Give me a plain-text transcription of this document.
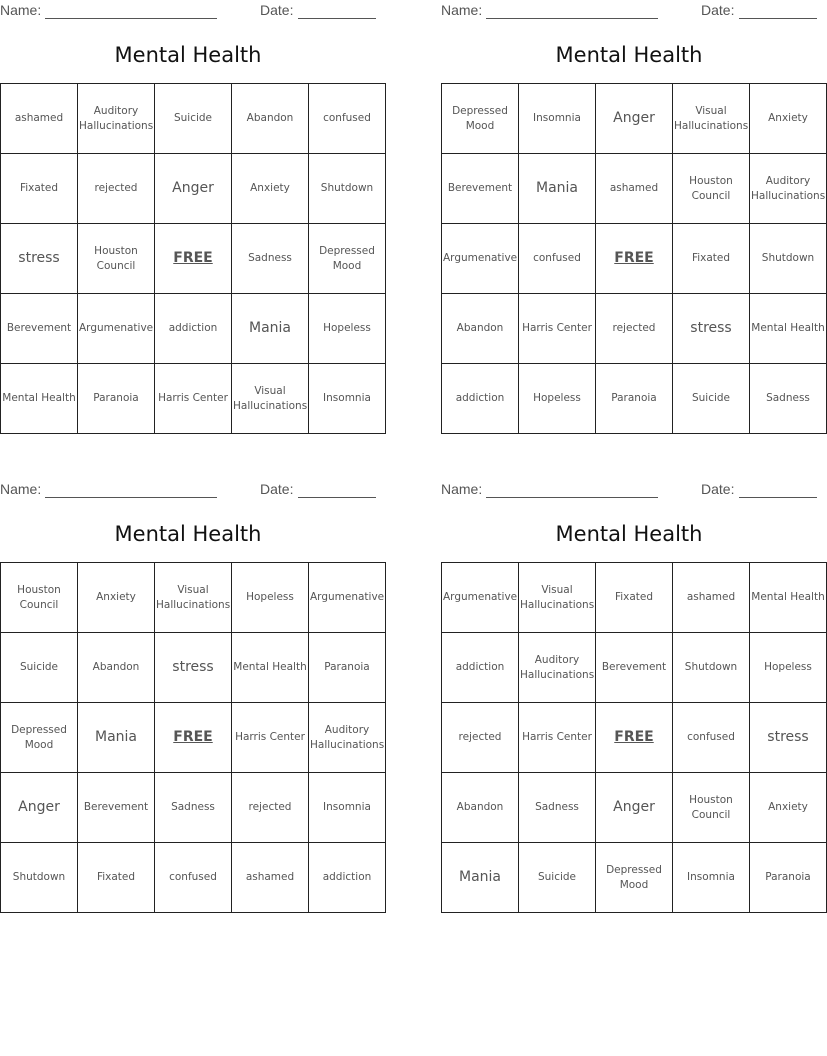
Name:	Date:
Mental Health
ashamed	Auditory Hallucinations	Suicide	Abandon	confused
Fixated	rejected	Anger	Anxiety	Shutdown
stress	Houston Council	FREE	Sadness	Depressed Mood
Berevement	Argumenative	addiction	Mania	Hopeless
Mental Health	Paranoia	Harris Center	Visual Hallucinations	Insomnia
Name:	Date:
Mental Health
Depressed Mood	Insomnia	Anger	Visual Hallucinations	Anxiety
Berevement	Mania	ashamed	Houston Council	Auditory Hallucinations
Argumenative	confused	FREE	Fixated	Shutdown
Abandon	Harris Center	rejected	stress	Mental Health
addiction	Hopeless	Paranoia	Suicide	Sadness
Name:	Date:
Mental Health
Houston Council	Anxiety	Visual Hallucinations	Hopeless	Argumenative
Suicide	Abandon	stress	Mental Health	Paranoia
Depressed Mood	Mania	FREE	Harris Center	Auditory Hallucinations
Anger	Berevement	Sadness	rejected	Insomnia
Shutdown	Fixated	confused	ashamed	addiction
Name:	Date:
Mental Health
Argumenative	Visual Hallucinations	Fixated	ashamed	Mental Health
addiction	Auditory Hallucinations	Berevement	Shutdown	Hopeless
rejected	Harris Center	FREE	confused	stress
Abandon	Sadness	Anger	Houston Council	Anxiety
Mania	Suicide	Depressed Mood	Insomnia	Paranoia
